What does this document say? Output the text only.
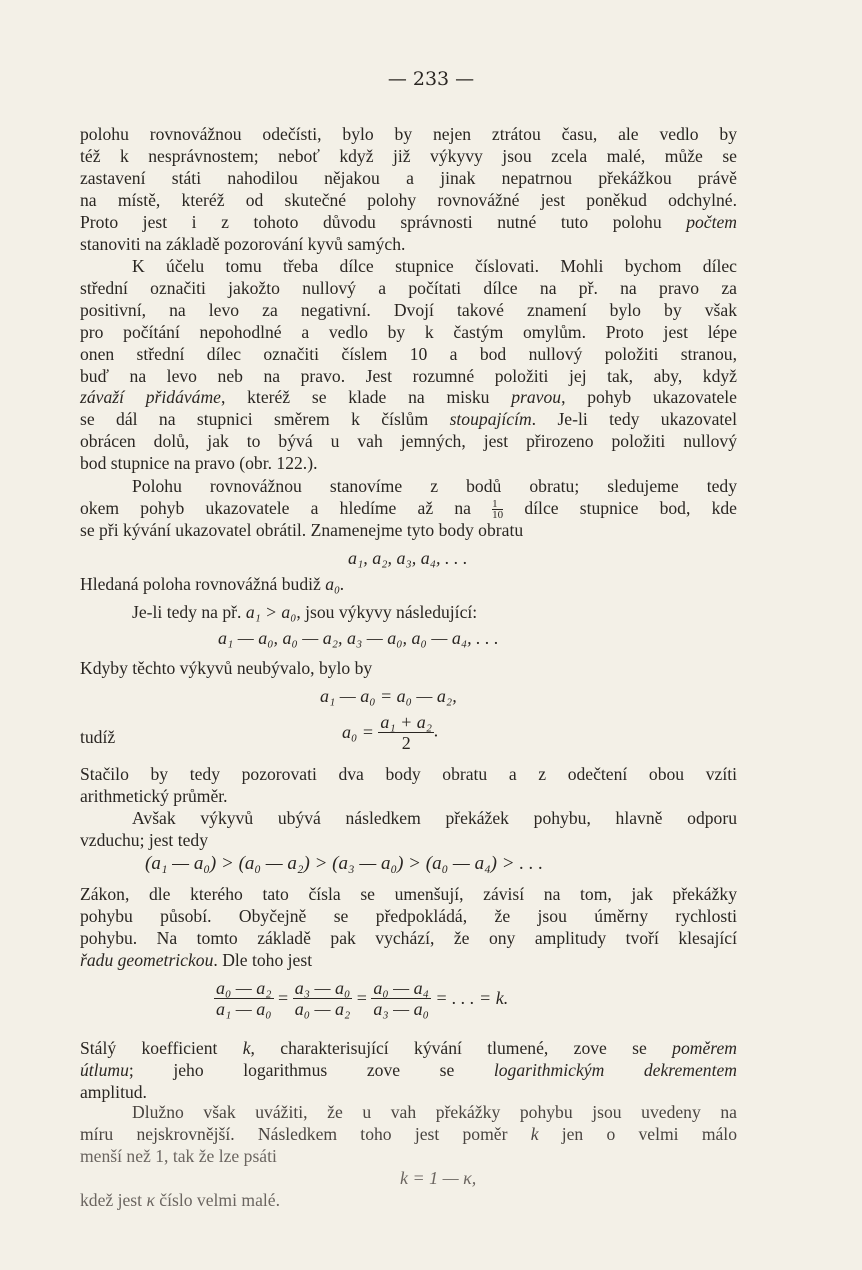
— 233 —
polohu rovnovážnou odečísti, bylo by nejen ztrátou času, ale vedlo by
též k nesprávnostem; neboť když již výkyvy jsou zcela malé, může se
zastavení státi nahodilou nějakou a jinak nepatrnou překážkou právě
na místě, kteréž od skutečné polohy rovnovážné jest poněkud odchylné.
Proto jest i z tohoto důvodu správnosti nutné tuto polohu počtem
stanoviti na základě pozorování kyvů samých.
K účelu tomu třeba dílce stupnice číslovati. Mohli bychom dílec
střední označiti jakožto nullový a počítati dílce na př. na pravo za
positivní, na levo za negativní. Dvojí takové znamení bylo by však
pro počítání nepohodlné a vedlo by k častým omylům. Proto jest lépe
onen střední dílec označiti číslem 10 a bod nullový položiti stranou,
buď na levo neb na pravo. Jest rozumné položiti jej tak, aby, když
závaží přidáváme, kteréž se klade na misku pravou, pohyb ukazovatele
se dál na stupnici směrem k číslům stoupajícím. Je-li tedy ukazovatel
obrácen dolů, jak to bývá u vah jemných, jest přirozeno položiti nullový
bod stupnice na pravo (obr. 122.).
Polohu rovnovážnou stanovíme z bodů obratu; sledujeme tedy
okem pohyb ukazovatele a hledíme až na $\frac{1}{10}$ dílce stupnice bod, kde
se při kývání ukazovatel obrátil. Znamenejme tyto body obratu
a₁, a₂, a₃, a₄, . . .
Hledaná poloha rovnovážná budiž a₀.
Je-li tedy na př. a₁ > a₀, jsou výkyvy následující:
a₁ — a₀, a₀ — a₂, a₃ — a₀, a₀ — a₄, . . .
Kdyby těchto výkyvů neubývalo, bylo by
a₁ — a₀ = a₀ — a₂,
tudíž	$a_0 = \frac{\text{a₁ + a₂}}{2}$ .
Stačilo by tedy pozorovati dva body obratu a z odečtení obou vzíti
arithmetický průměr.
Avšak výkyvů ubývá následkem překážek pohybu, hlavně odporu
vzduchu; jest tedy
(a₁ — a₀) > (a₀ — a₂) > (a₃ — a₀) > (a₀ — a₄) > . . .
Zákon, dle kterého tato čísla se umenšují, závisí na tom, jak překážky
pohybu působí. Obyčejně se předpokládá, že jsou úměrny rychlosti
pohybu. Na tomto základě pak vychází, že ony amplitudy tvoří klesající
řadu geometrickou. Dle toho jest
$\frac{\text{a₀ — a₂}}{\text{a₁ — a₀}} = \frac{\text{a₃ — a₀}}{\text{a₀ — a₂}} = \frac{\text{a₀ — a₄}}{\text{a₃ — a₀}}$ = . . . = k.
Stálý koefficient k, charakterisující kývání tlumené, zove se poměrem
útlumu; jeho logarithmus zove se logarithmickým dekrementem
amplitud.
Dlužno však uvážiti, že u vah překážky pohybu jsou uvedeny na
míru nejskrovnější. Následkem toho jest poměr k jen o velmi málo
menší než 1, tak že lze psáti
k = 1 — κ,
kdež jest κ číslo velmi malé.
